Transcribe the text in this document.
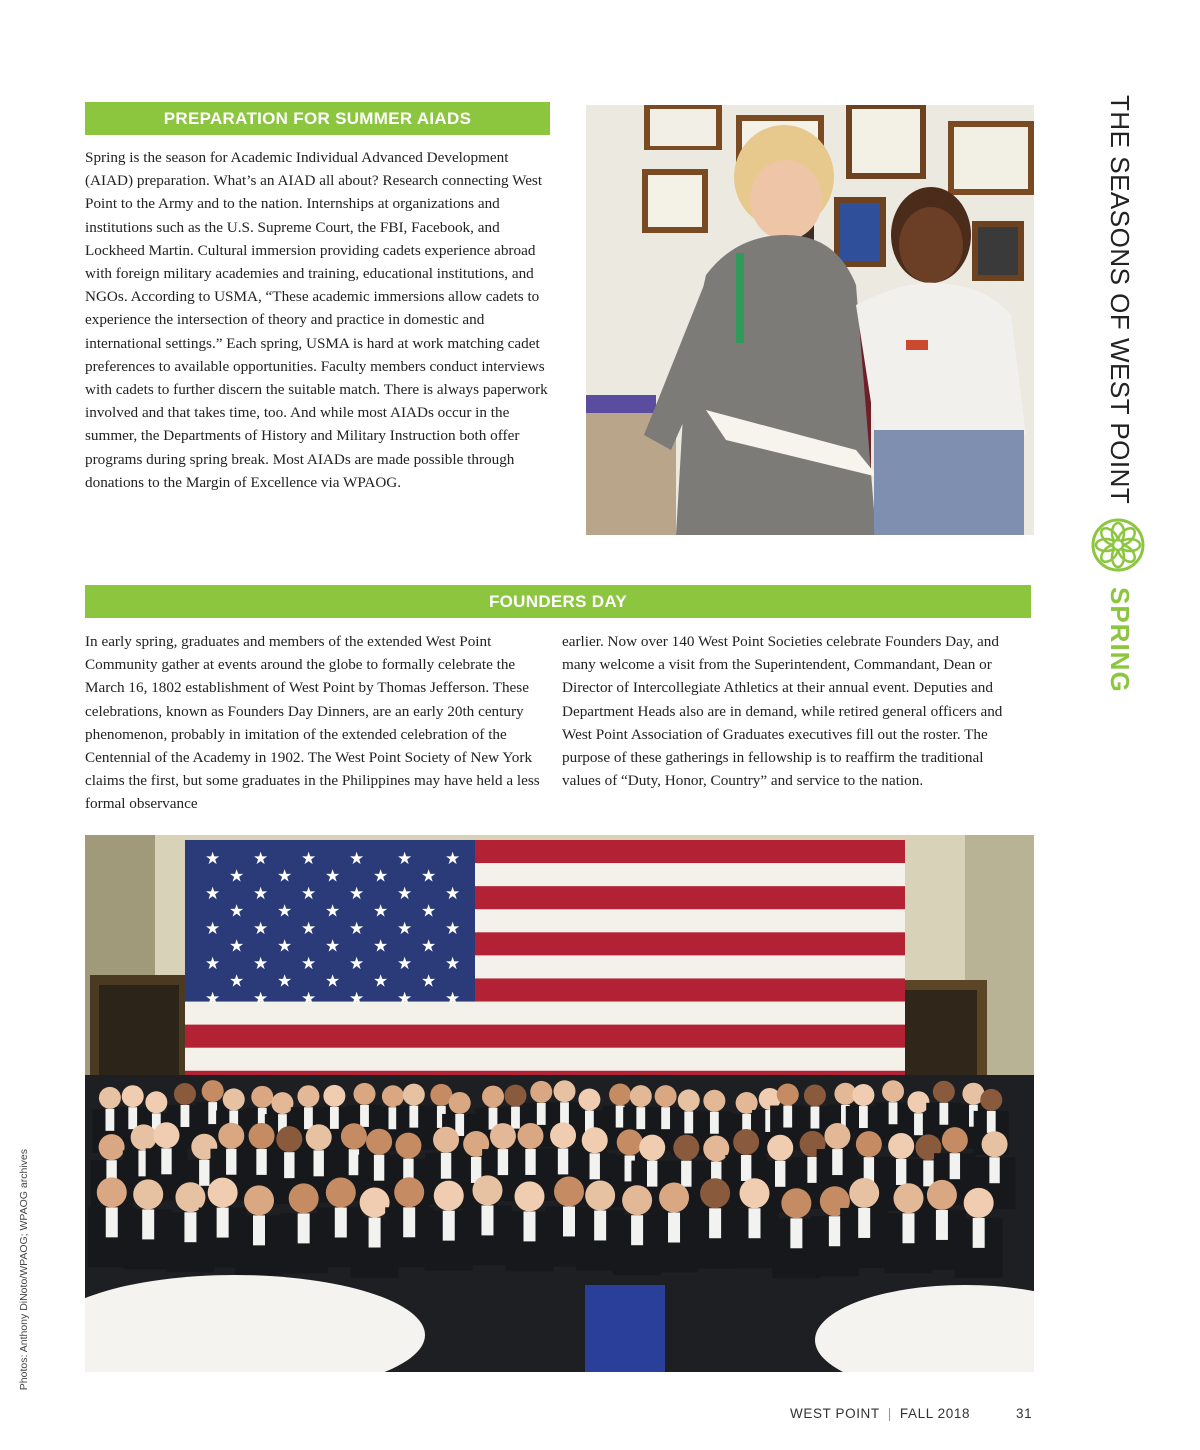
PREPARATION FOR SUMMER AIADS

Spring is the season for Academic Individual Advanced Development (AIAD) preparation. What’s an AIAD all about? Research connecting West Point to the Army and to the nation. Internships at organizations and institutions such as the U.S. Supreme Court, the FBI, Facebook, and Lockheed Martin. Cultural immersion providing cadets experience abroad with foreign military academies and training, educational institutions, and NGOs. According to USMA, “These academic immersions allow cadets to experience the intersection of theory and practice in domestic and international settings.” Each spring, USMA is hard at work matching cadet preferences to available opportunities. Faculty members conduct interviews with cadets to further discern the suitable match. There is always paperwork involved and that takes time, too. And while most AIADs occur in the summer, the Departments of History and Military Instruction both offer programs during spring break. Most AIADs are made possible through donations to the Margin of Excellence via WPAOG.

FOUNDERS DAY

In early spring, graduates and members of the extended West Point Community gather at events around the globe to formally celebrate the March 16, 1802 establishment of West Point by Thomas Jefferson. These celebrations, known as Founders Day Dinners, are an early 20th century phenomenon, probably in imitation of the extended celebration of the Centennial of the Academy in 1902. The West Point Society of New York claims the first, but some graduates in the Philippines may have held a less formal observance

earlier. Now over 140 West Point Societies celebrate Founders Day, and many welcome a visit from the Superintendent, Commandant, Dean or Director of Intercollegiate Athletics at their annual event. Deputies and Department Heads also are in demand, while retired general officers and West Point Association of Graduates executives fill out the roster. The purpose of these gatherings in fellowship is to reaffirm the traditional values of “Duty, Honor, Country” and service to the nation.

★ ★ ★ ★ ★ ★
★ ★ ★ ★ ★
★ ★ ★ ★ ★ ★
★ ★ ★ ★ ★
★ ★ ★ ★ ★ ★
★ ★ ★ ★ ★
★ ★ ★ ★ ★ ★
★ ★ ★ ★ ★
★ ★ ★ ★ ★ ★
THE SEASONS OF WEST POINT
SPRING
Photos: Anthony DiNoto/WPAOG; WPAOG archives
WEST POINT | FALL 2018	31
